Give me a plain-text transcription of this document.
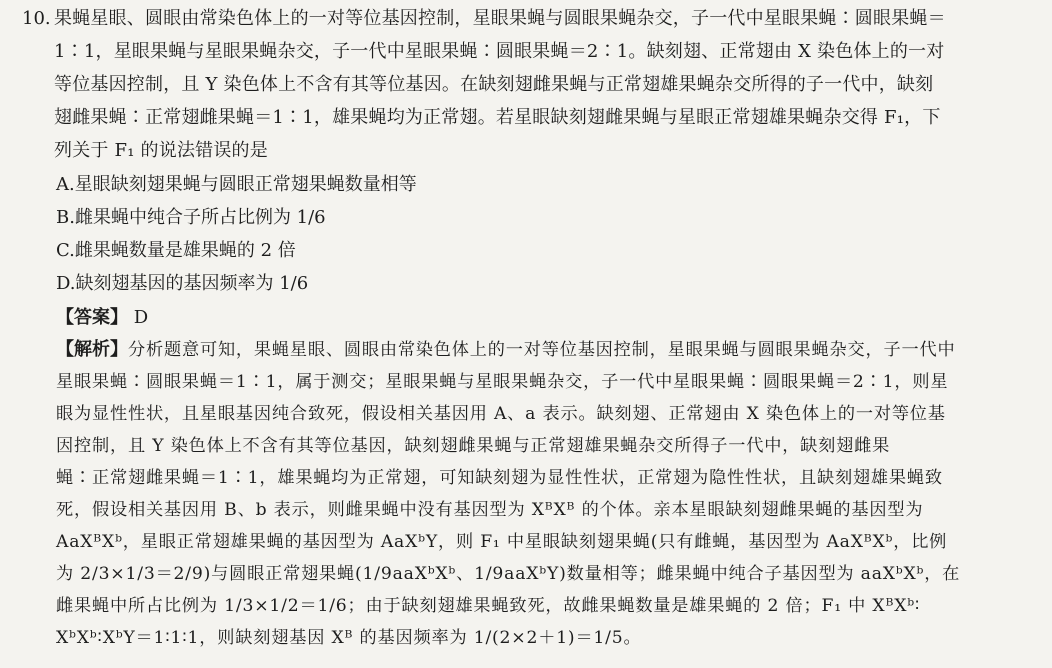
10. 果蝇星眼、圆眼由常染色体上的一对等位基因控制，星眼果蝇与圆眼果蝇杂交，子一代中星眼果蝇∶圆眼果蝇＝
1∶1，星眼果蝇与星眼果蝇杂交，子一代中星眼果蝇∶圆眼果蝇＝2∶1。缺刻翅、正常翅由 X 染色体上的一对
等位基因控制，且 Y 染色体上不含有其等位基因。在缺刻翅雌果蝇与正常翅雄果蝇杂交所得的子一代中，缺刻
翅雌果蝇∶正常翅雌果蝇＝1∶1，雄果蝇均为正常翅。若星眼缺刻翅雌果蝇与星眼正常翅雄果蝇杂交得 F₁，下
列关于 F₁ 的说法错误的是
A.星眼缺刻翅果蝇与圆眼正常翅果蝇数量相等
B.雌果蝇中纯合子所占比例为 1/6
C.雌果蝇数量是雄果蝇的 2 倍
D.缺刻翅基因的基因频率为 1/6
【答案】 D
【解析】分析题意可知，果蝇星眼、圆眼由常染色体上的一对等位基因控制，星眼果蝇与圆眼果蝇杂交，子一代中
星眼果蝇∶圆眼果蝇＝1∶1，属于测交；星眼果蝇与星眼果蝇杂交，子一代中星眼果蝇∶圆眼果蝇＝2∶1，则星
眼为显性性状，且星眼基因纯合致死，假设相关基因用 A、a 表示。缺刻翅、正常翅由 X 染色体上的一对等位基
因控制，且 Y 染色体上不含有其等位基因，缺刻翅雌果蝇与正常翅雄果蝇杂交所得子一代中，缺刻翅雌果
蝇∶正常翅雌果蝇＝1∶1，雄果蝇均为正常翅，可知缺刻翅为显性性状，正常翅为隐性性状，且缺刻翅雄果蝇致
死，假设相关基因用 B、b 表示，则雌果蝇中没有基因型为 XᴮXᴮ 的个体。亲本星眼缺刻翅雌果蝇的基因型为
AaXᴮXᵇ，星眼正常翅雄果蝇的基因型为 AaXᵇY，则 F₁ 中星眼缺刻翅果蝇(只有雌蝇，基因型为 AaXᴮXᵇ，比例
为 2/3×1/3＝2/9)与圆眼正常翅果蝇(1/9aaXᵇXᵇ、1/9aaXᵇY)数量相等；雌果蝇中纯合子基因型为 aaXᵇXᵇ，在
雌果蝇中所占比例为 1/3×1/2＝1/6；由于缺刻翅雄果蝇致死，故雌果蝇数量是雄果蝇的 2 倍；F₁ 中 XᴮXᵇ∶
XᵇXᵇ∶XᵇY＝1∶1∶1，则缺刻翅基因 Xᴮ 的基因频率为 1/(2×2＋1)＝1/5。
